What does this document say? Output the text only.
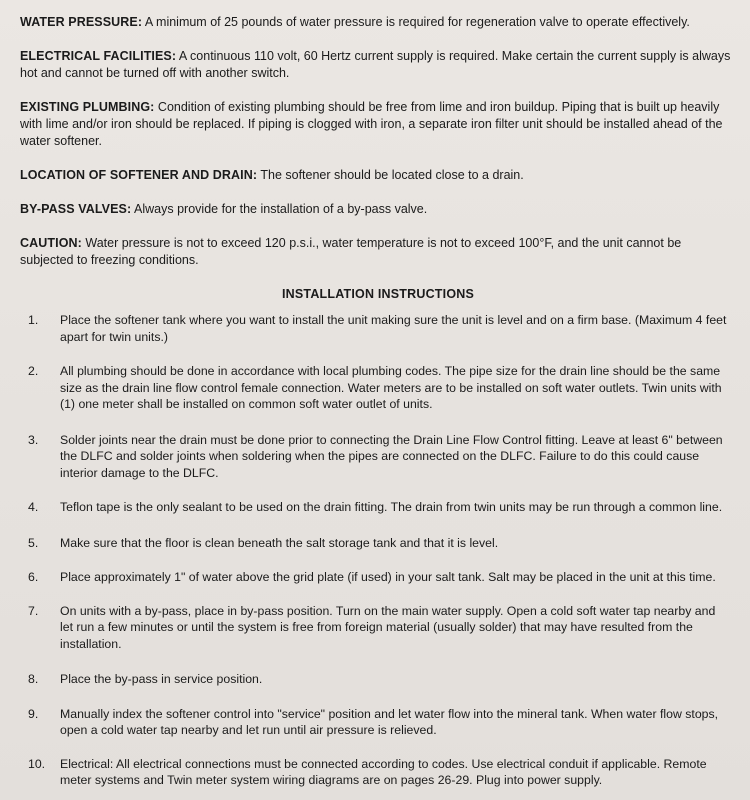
WATER PRESSURE: A minimum of 25 pounds of water pressure is required for regeneration valve to operate effectively.

ELECTRICAL FACILITIES: A continuous 110 volt, 60 Hertz current supply is required. Make certain the current supply is always hot and cannot be turned off with another switch.

EXISTING PLUMBING: Condition of existing plumbing should be free from lime and iron buildup. Piping that is built up heavily with lime and/or iron should be replaced. If piping is clogged with iron, a separate iron filter unit should be installed ahead of the water softener.

LOCATION OF SOFTENER AND DRAIN: The softener should be located close to a drain.

BY-PASS VALVES: Always provide for the installation of a by-pass valve.

CAUTION: Water pressure is not to exceed 120 p.s.i., water temperature is not to exceed 100°F, and the unit cannot be subjected to freezing conditions.

INSTALLATION INSTRUCTIONS
1.	Place the softener tank where you want to install the unit making sure the unit is level and on a firm base. (Maximum 4 feet apart for twin units.)
2.	All plumbing should be done in accordance with local plumbing codes. The pipe size for the drain line should be the same size as the drain line flow control female connection. Water meters are to be installed on soft water outlets. Twin units with (1) one meter shall be installed on common soft water outlet of units.
3.	Solder joints near the drain must be done prior to connecting the Drain Line Flow Control fitting. Leave at least 6" between the DLFC and solder joints when soldering when the pipes are connected on the DLFC. Failure to do this could cause interior damage to the DLFC.
4.	Teflon tape is the only sealant to be used on the drain fitting. The drain from twin units may be run through a common line.
5.	Make sure that the floor is clean beneath the salt storage tank and that it is level.
6.	Place approximately 1" of water above the grid plate (if used) in your salt tank. Salt may be placed in the unit at this time.
7.	On units with a by-pass, place in by-pass position. Turn on the main water supply. Open a cold soft water tap nearby and let run a few minutes or until the system is free from foreign material (usually solder) that may have resulted from the installation.
8.	Place the by-pass in service position.
9.	Manually index the softener control into "service" position and let water flow into the mineral tank. When water flow stops, open a cold water tap nearby and let run until air pressure is relieved.
10.	Electrical: All electrical connections must be connected according to codes. Use electrical conduit if applicable. Remote meter systems and Twin meter system wiring diagrams are on pages 26-29. Plug into power supply.
